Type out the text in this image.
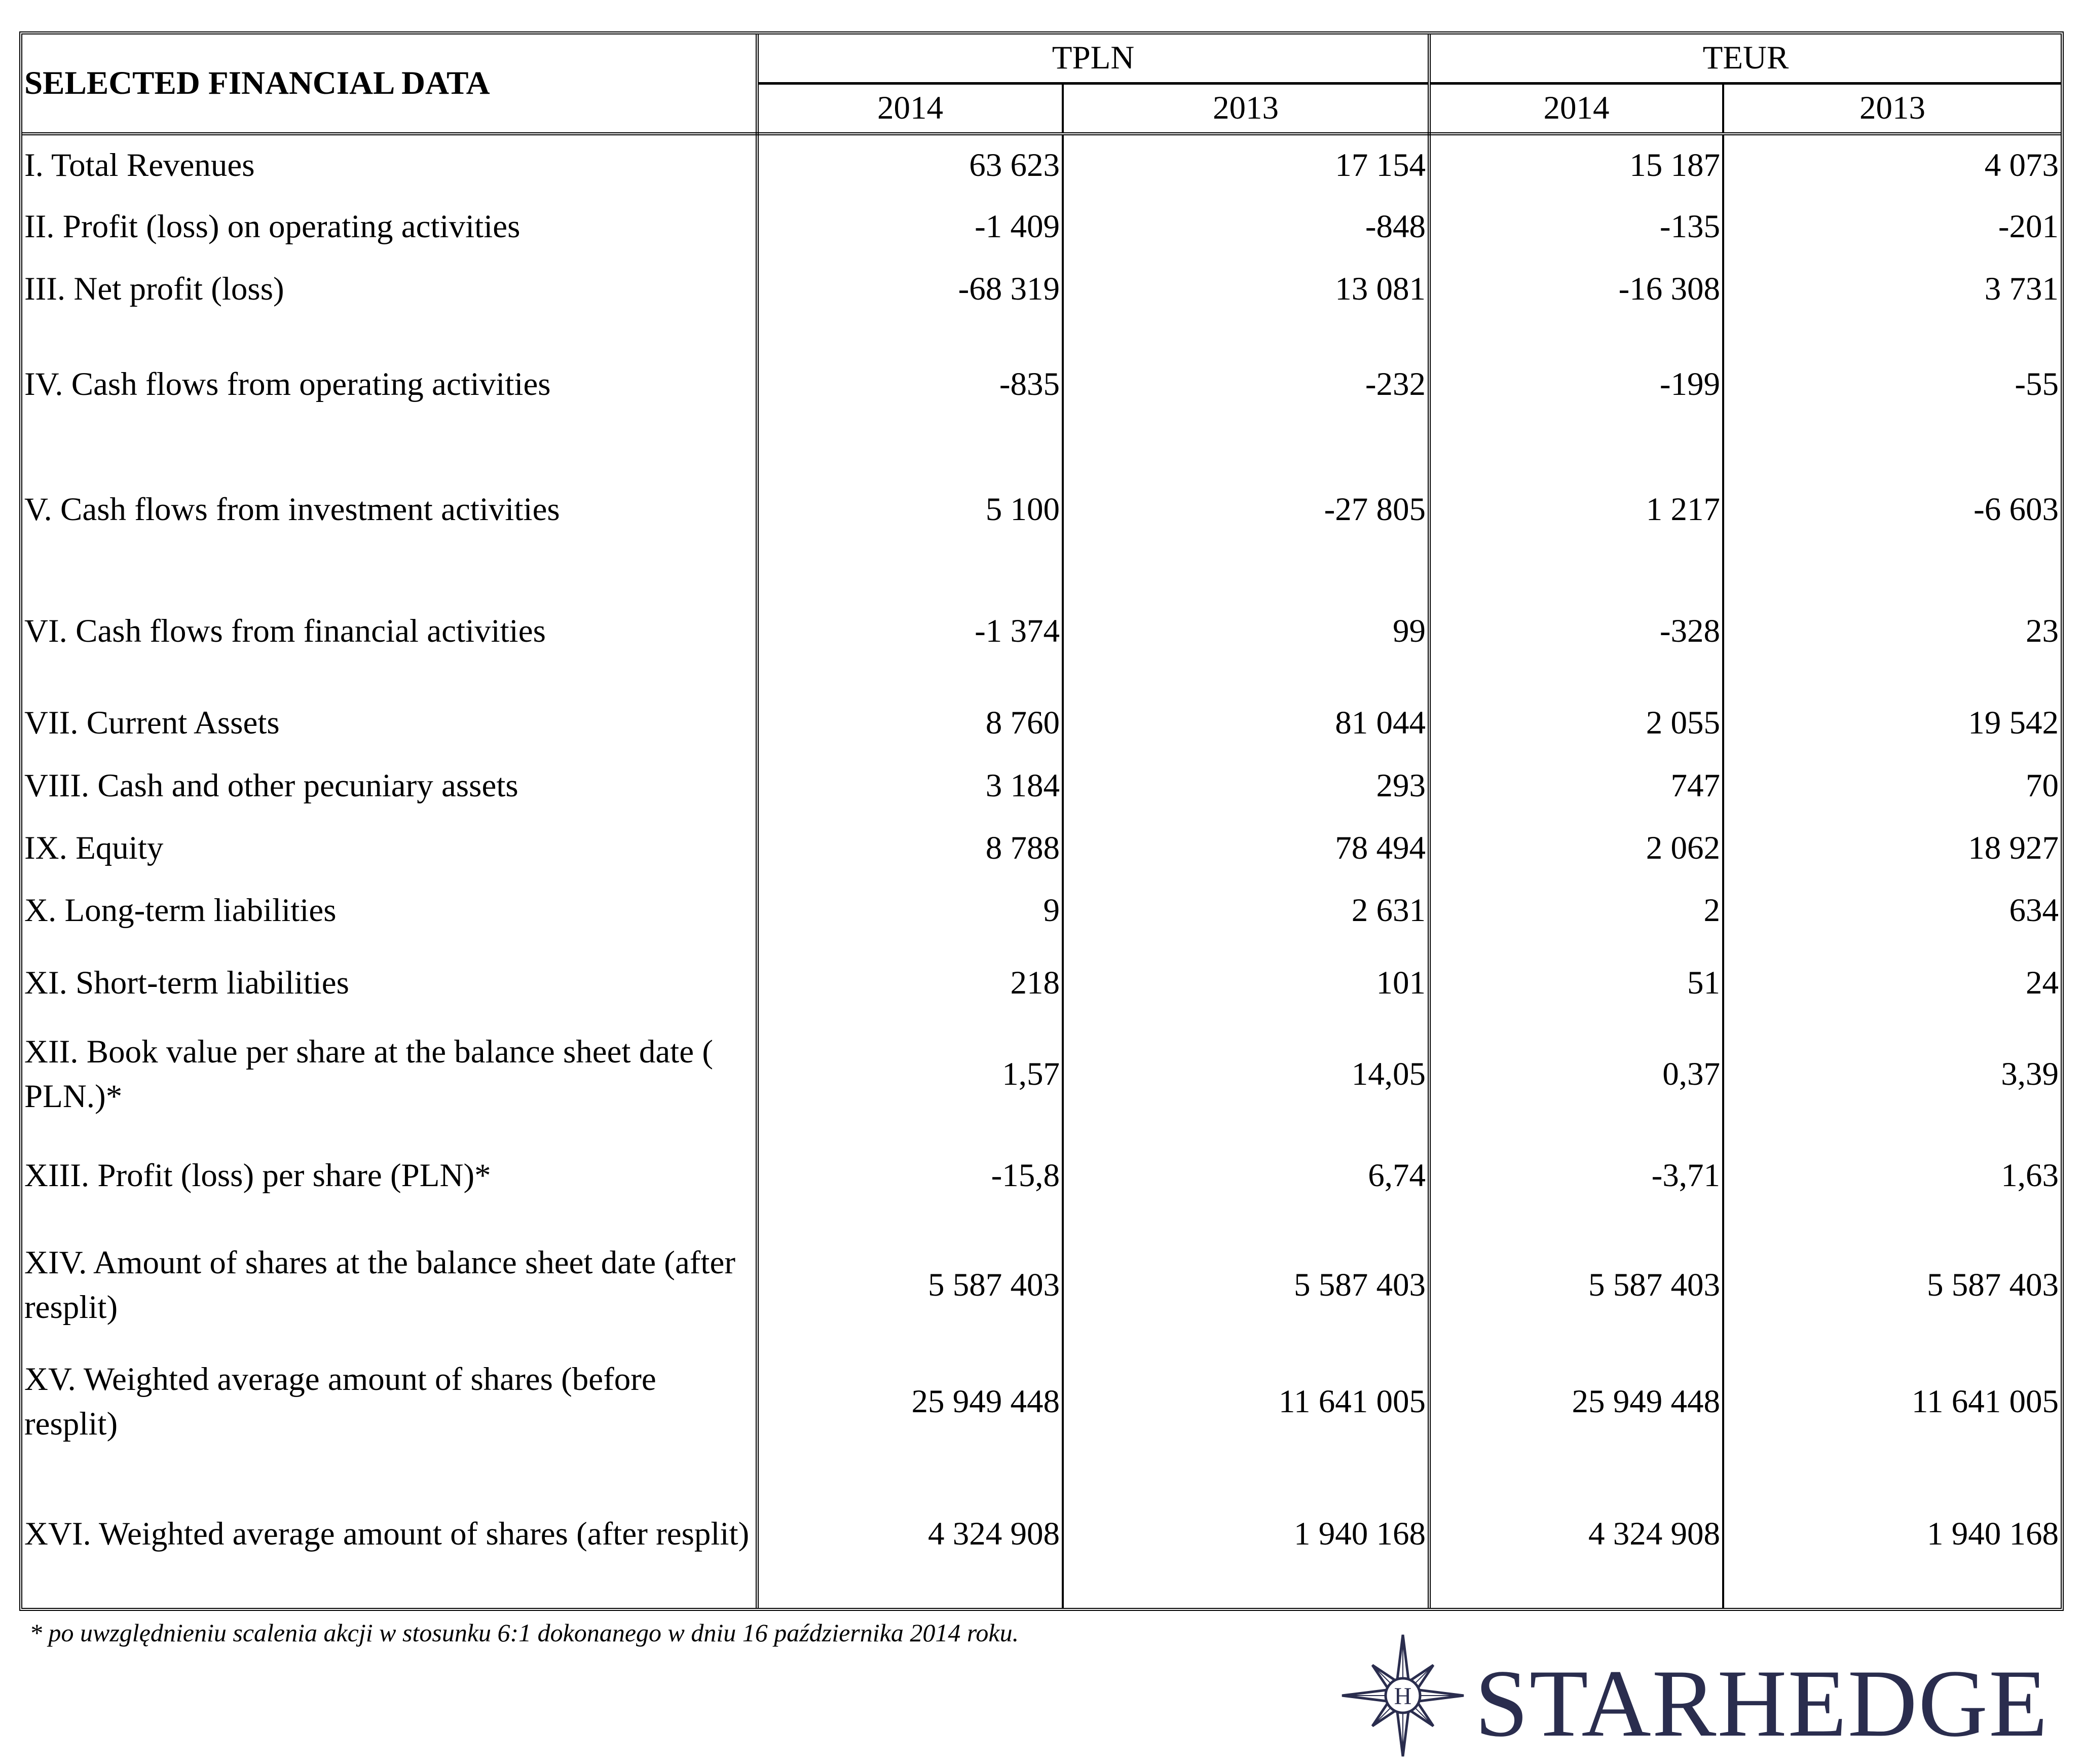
SELECTED FINANCIAL DATA	TPLN		TEUR	
	2014	2013	2014	2013
I. Total Revenues	63 623	17 154	15 187	4 073
II. Profit (loss) on operating activities	-1 409	-848	-135	-201
III. Net profit (loss)	-68 319	13 081	-16 308	3 731
IV. Cash flows from operating activities	-835	-232	-199	-55
V. Cash flows from investment activities	5 100	-27 805	1 217	-6 603
VI. Cash flows from financial activities	-1 374	99	-328	23
VII. Current Assets	8 760	81 044	2 055	19 542
VIII. Cash and other pecuniary assets	3 184	293	747	70
IX. Equity	8 788	78 494	2 062	18 927
X. Long-term liabilities	9	2 631	2	634
XI. Short-term liabilities	218	101	51	24
XII. Book value per share at the balance sheet date ( PLN.)*	1,57	14,05	0,37	3,39
XIII. Profit (loss) per share (PLN)*	-15,8	6,74	-3,71	1,63
XIV. Amount of shares at the balance sheet date (after resplit)	5 587 403	5 587 403	5 587 403	5 587 403
XV. Weighted average amount of shares (before resplit)	25 949 448	11 641 005	25 949 448	11 641 005
XVI. Weighted average amount of shares (after resplit)	4 324 908	1 940 168	4 324 908	1 940 168
* po uwzględnieniu scalenia akcji w stosunku 6:1 dokonanego w dniu 16 października 2014 roku.
H STARHEDGE
